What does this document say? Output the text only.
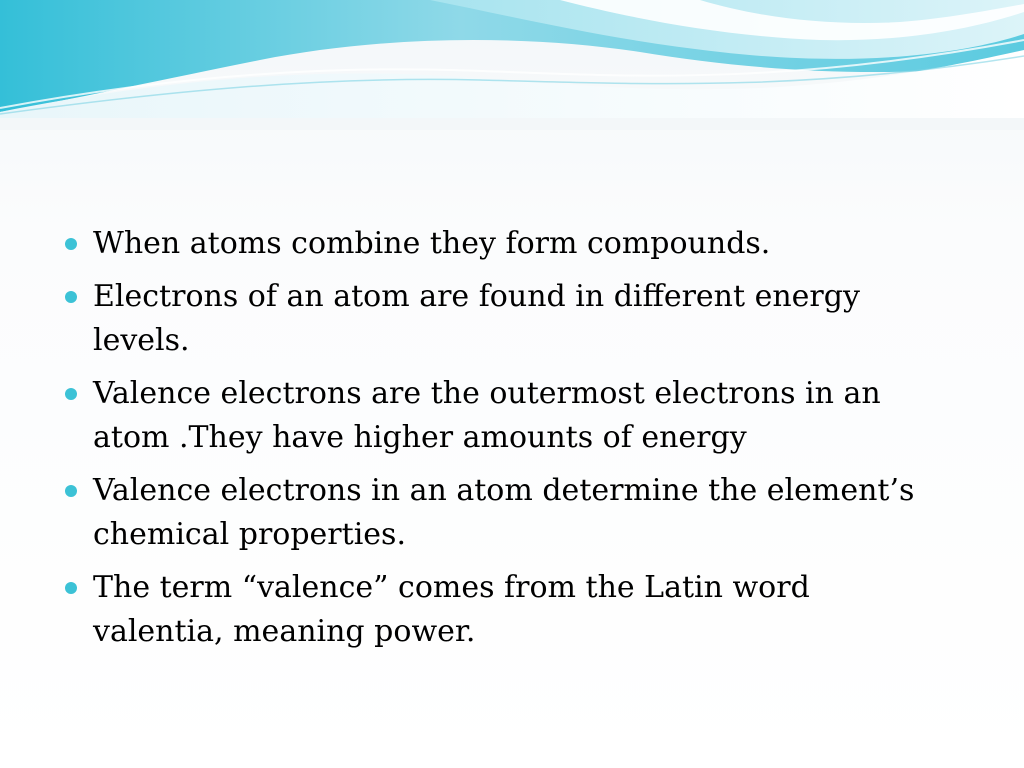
When atoms combine they form compounds.
Electrons of an atom are found in different energy levels.
Valence electrons are the outermost electrons in an atom .They have higher amounts of energy
Valence electrons in an atom determine the element’s chemical properties.
The term “valence” comes from the Latin word valentia, meaning power.
